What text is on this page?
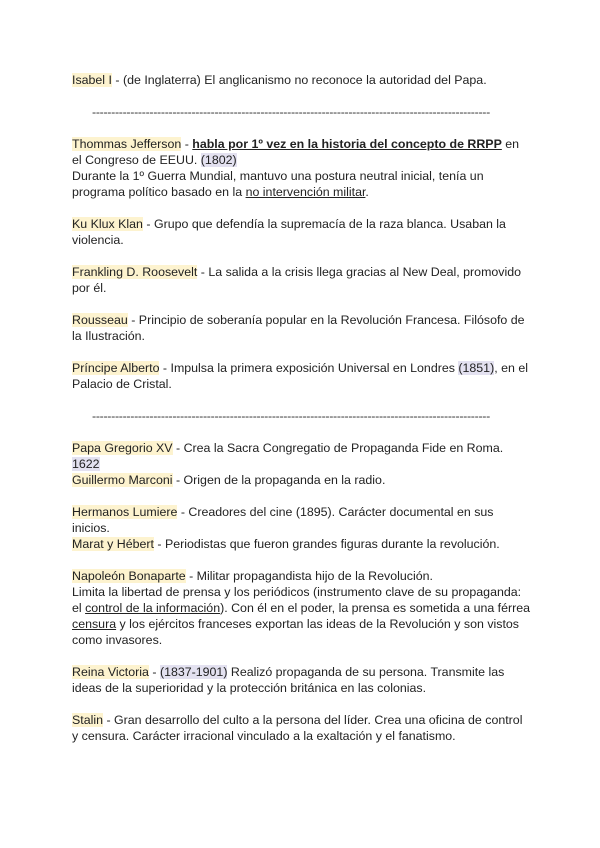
Isabel I - (de Inglaterra) El anglicanismo no reconoce la autoridad del Papa.
--------------------------------------------------------------------------------------------------------
Thommas Jefferson - habla por 1º vez en la historia del concepto de RRPP en el Congreso de EEUU. (1802)
Durante la 1º Guerra Mundial, mantuvo una postura neutral inicial, tenía un programa político basado en la no intervención militar.
Ku Klux Klan - Grupo que defendía la supremacía de la raza blanca. Usaban la violencia.
Frankling D. Roosevelt - La salida a la crisis llega gracias al New Deal, promovido por él.
Rousseau - Principio de soberanía popular en la Revolución Francesa. Filósofo de la Ilustración.
Príncipe Alberto - Impulsa la primera exposición Universal en Londres (1851), en el Palacio de Cristal.
--------------------------------------------------------------------------------------------------------
Papa Gregorio XV - Crea la Sacra Congregatio de Propaganda Fide en Roma. 1622
Guillermo Marconi - Origen de la propaganda en la radio.
Hermanos Lumiere - Creadores del cine (1895). Carácter documental en sus inicios.
Marat y Hébert - Periodistas que fueron grandes figuras durante la revolución.
Napoleón Bonaparte - Militar propagandista hijo de la Revolución.
Limita la libertad de prensa y los periódicos (instrumento clave de su propaganda: el control de la información). Con él en el poder, la prensa es sometida a una férrea censura y los ejércitos franceses exportan las ideas de la Revolución y son vistos como invasores.
Reina Victoria - (1837-1901) Realizó propaganda de su persona. Transmite las ideas de la superioridad y la protección británica en las colonias.
Stalin - Gran desarrollo del culto a la persona del líder. Crea una oficina de control y censura. Carácter irracional vinculado a la exaltación y el fanatismo.
